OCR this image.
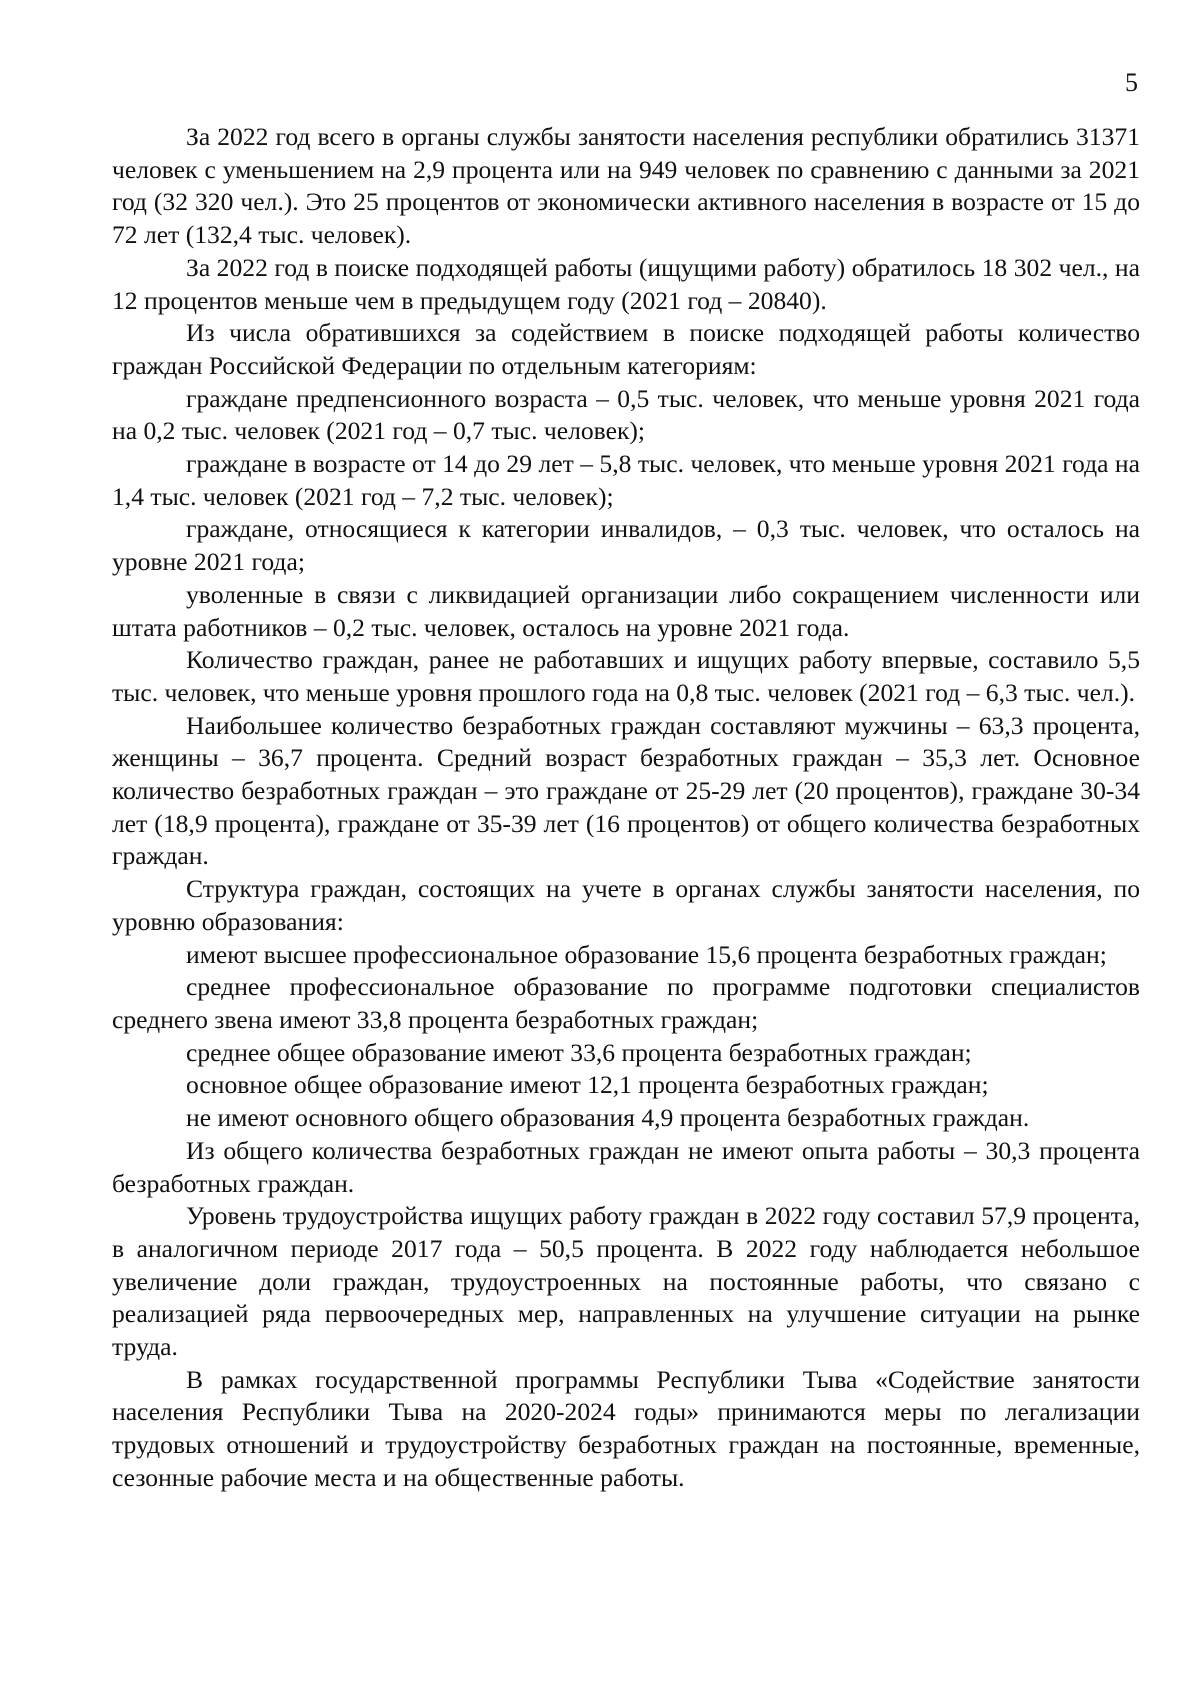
5

За 2022 год всего в органы службы занятости населения республики обратились 31371 человек с уменьшением на 2,9 процента или на 949 человек по сравнению с данными за 2021 год (32 320 чел.). Это 25 процентов от экономически активного населения в возрасте от 15 до 72 лет (132,4 тыс. человек).

За 2022 год в поиске подходящей работы (ищущими работу) обратилось 18 302 чел., на 12 процентов меньше чем в предыдущем году (2021 год – 20840).

Из числа обратившихся за содействием в поиске подходящей работы количество граждан Российской Федерации по отдельным категориям:

граждане предпенсионного возраста – 0,5 тыс. человек, что меньше уровня 2021 года на 0,2 тыс. человек (2021 год – 0,7 тыс. человек);

граждане в возрасте от 14 до 29 лет – 5,8 тыс. человек, что меньше уровня 2021 года на 1,4 тыс. человек (2021 год – 7,2 тыс. человек);

граждане, относящиеся к категории инвалидов, – 0,3 тыс. человек, что осталось на уровне 2021 года;

уволенные в связи с ликвидацией организации либо сокращением численности или штата работников – 0,2 тыс. человек, осталось на уровне 2021 года.

Количество граждан, ранее не работавших и ищущих работу впервые, составило 5,5 тыс. человек, что меньше уровня прошлого года на 0,8 тыс. человек (2021 год – 6,3 тыс. чел.).

Наибольшее количество безработных граждан составляют мужчины – 63,3 процента, женщины – 36,7 процента. Средний возраст безработных граждан – 35,3 лет. Основное количество безработных граждан – это граждане от 25-29 лет (20 процентов), граждане 30-34 лет (18,9 процента), граждане от 35-39 лет (16 процентов) от общего количества безработных граждан.

Структура граждан, состоящих на учете в органах службы занятости населения, по уровню образования:

имеют высшее профессиональное образование 15,6 процента безработных граждан;

среднее профессиональное образование по программе подготовки специалистов среднего звена имеют 33,8 процента безработных граждан;

среднее общее образование имеют 33,6 процента безработных граждан;

основное общее образование имеют 12,1 процента безработных граждан;

не имеют основного общего образования 4,9 процента безработных граждан.

Из общего количества безработных граждан не имеют опыта работы – 30,3 процента безработных граждан.

Уровень трудоустройства ищущих работу граждан в 2022 году составил 57,9 процента, в аналогичном периоде 2017 года – 50,5 процента. В 2022 году наблюдается небольшое увеличение доли граждан, трудоустроенных на постоянные работы, что связано с реализацией ряда первоочередных мер, направленных на улучшение ситуации на рынке труда.

В рамках государственной программы Республики Тыва «Содействие занятости населения Республики Тыва на 2020-2024 годы» принимаются меры по легализации трудовых отношений и трудоустройству безработных граждан на постоянные, временные, сезонные рабочие места и на общественные работы.
